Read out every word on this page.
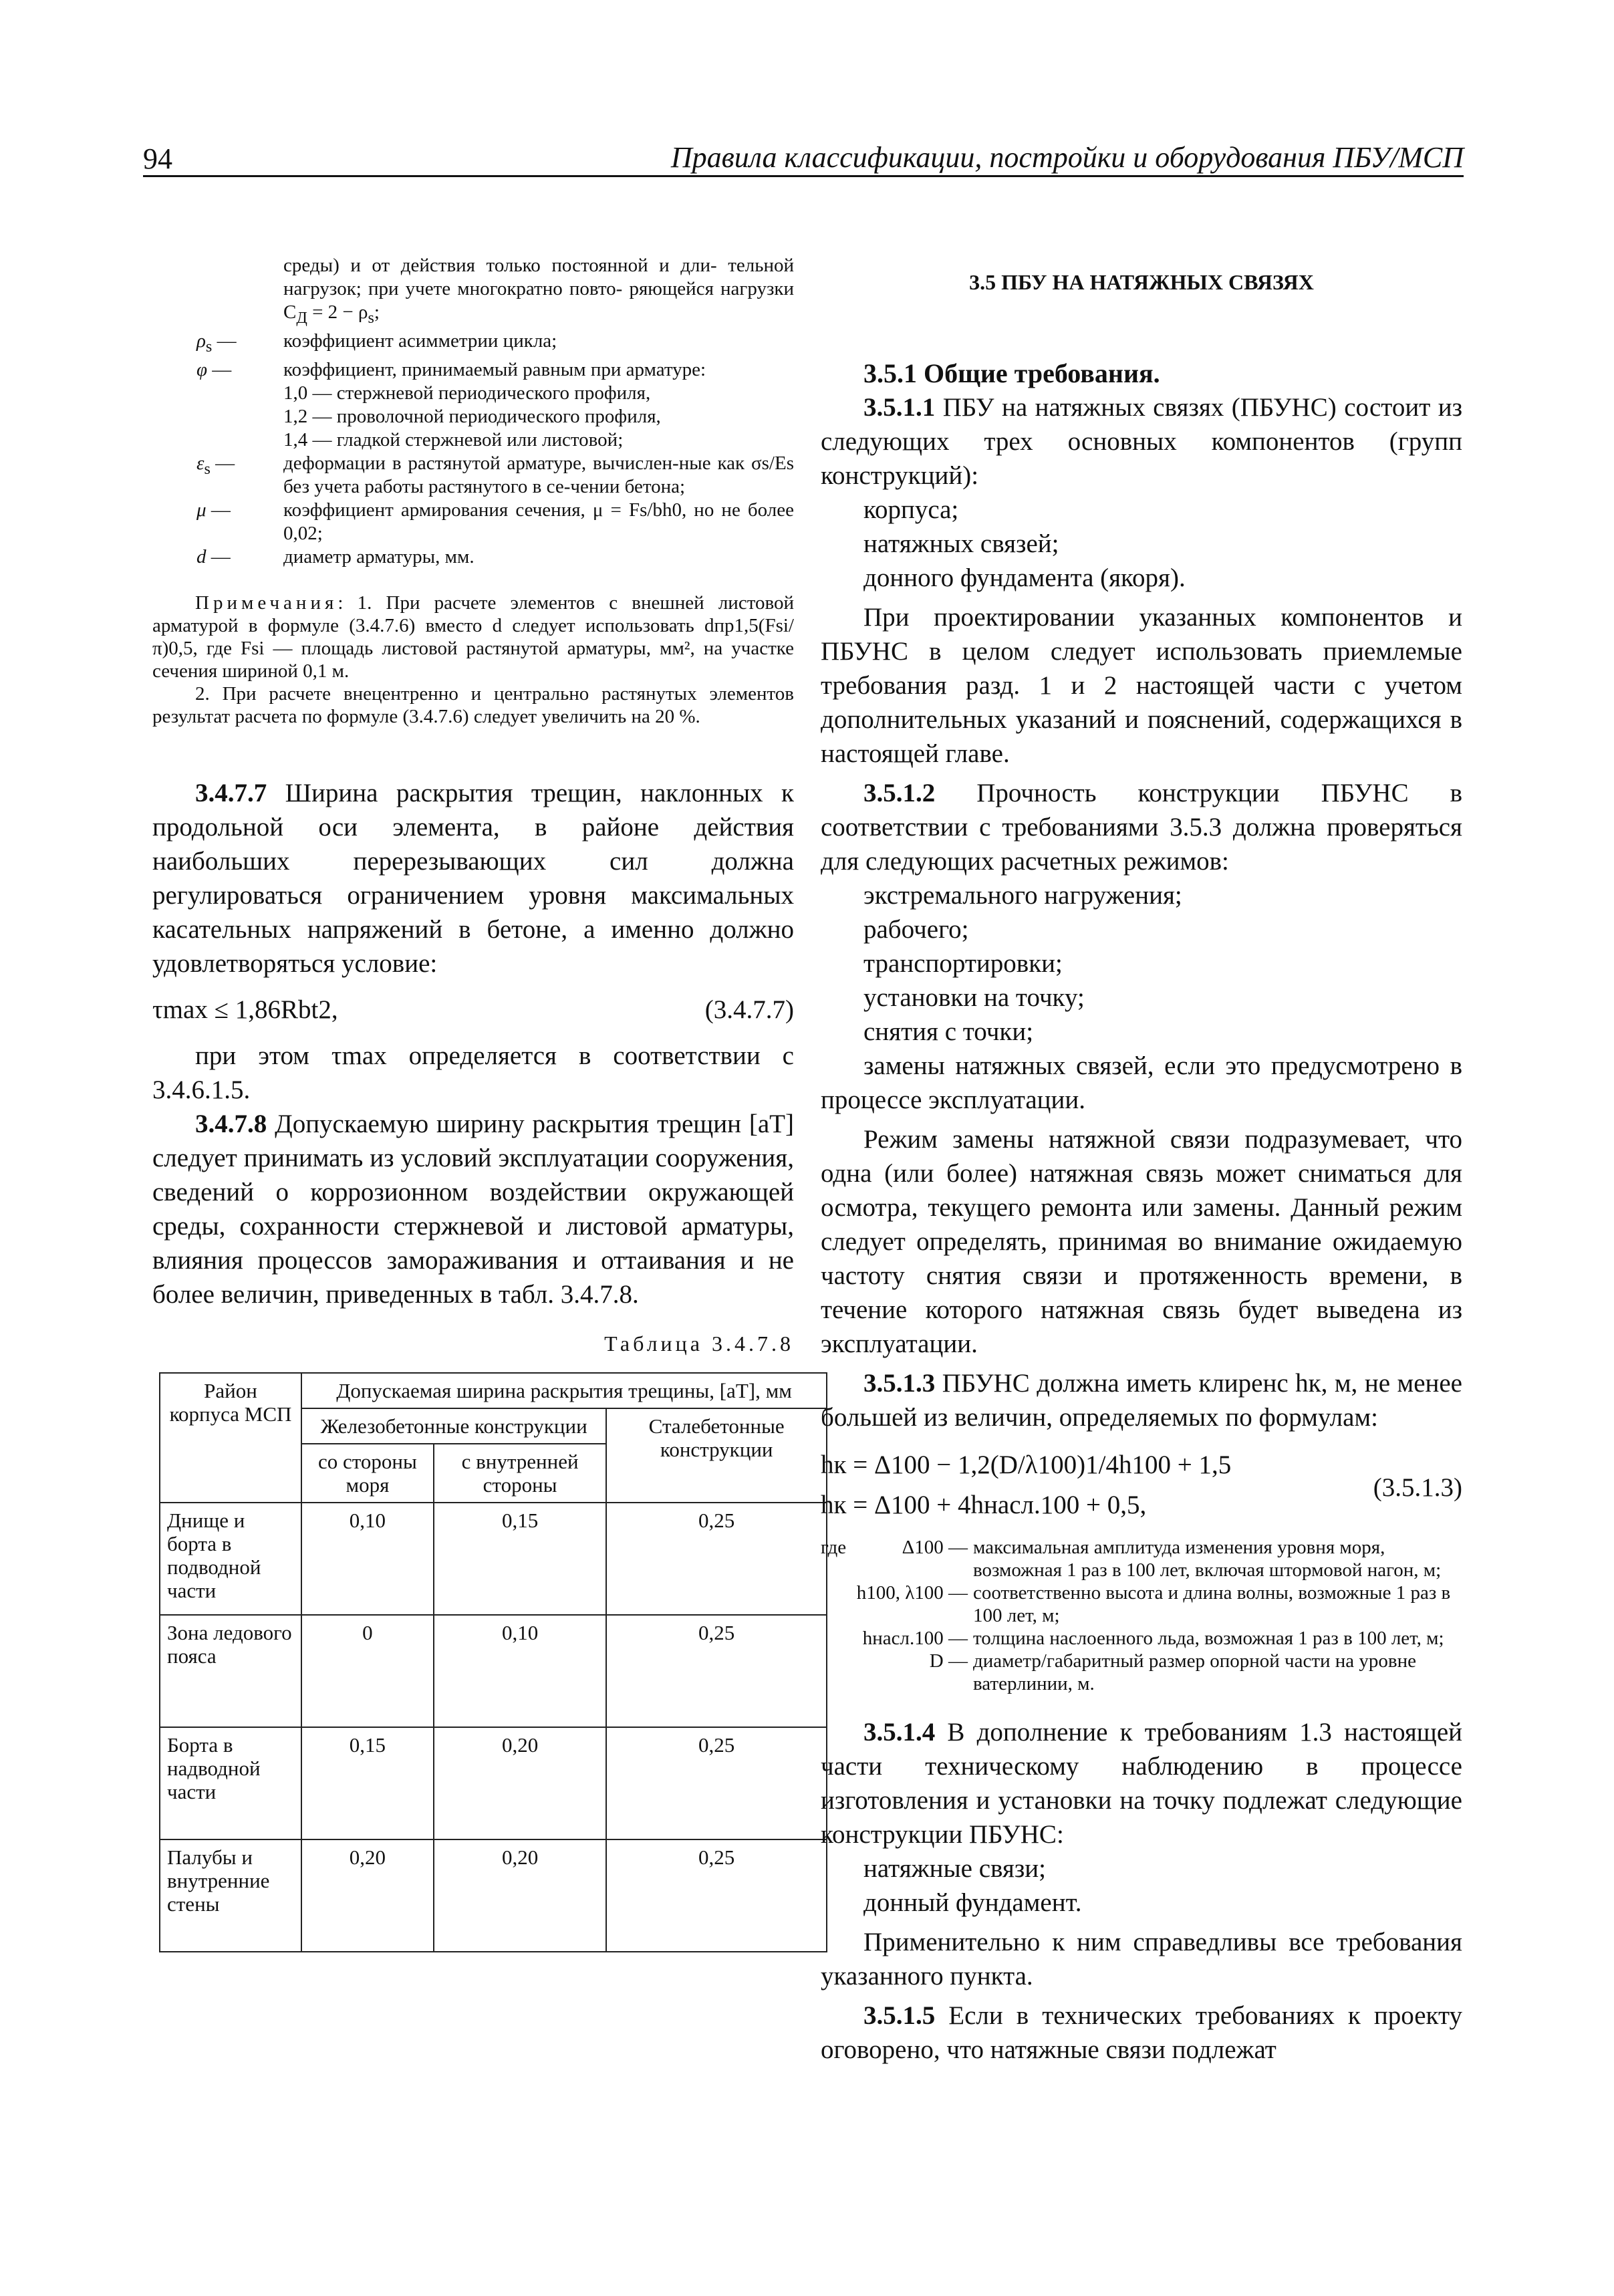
94	Правила классификации, постройки и оборудования ПБУ/МСП
среды) и от действия только постоянной и дли- тельной нагрузок; при учете многократно повто- ряющейся нагрузки $C_Д = 2 - \rho_s$;
$\rho_s$ —	коэффициент асимметрии цикла;
φ —	коэффициент, принимаемый равным при арматуре:
1,0 — стержневой периодического профиля,
1,2 — проволочной периодического профиля,
1,4 — гладкой стержневой или листовой;
$\varepsilon_s$ —	деформации в растянутой арматуре, вычислен-ные как σs/Es без учета работы растянутого в се-чении бетона;
μ —	коэффициент армирования сечения, μ = Fs/bh0, но не более 0,02;
d —	диаметр арматуры, мм.

Примечания: 1. При расчете элементов с внешней листовой арматурой в формуле (3.4.7.6) вместо d следует использовать dпр1,5(Fsi/π)0,5, где Fsi — площадь листовой растянутой арматуры, мм², на участке сечения шириной 0,1 м.

2. При расчете внецентренно и центрально растянутых элементов результат расчета по формуле (3.4.7.6) следует увеличить на 20 %.

3.4.7.7 Ширина раскрытия трещин, наклонных к продольной оси элемента, в районе действия наибольших перерезывающих сил должна регулироваться ограничением уровня максимальных касательных напряжений в бетоне, а именно должно удовлетворяться условие:

τmax ≤ 1,86Rbt2,	(3.4.7.7)

при этом τmax определяется в соответствии с 3.4.6.1.5.

3.4.7.8 Допускаемую ширину раскрытия трещин [aT] следует принимать из условий эксплуатации сооружения, сведений о коррозионном воздействии окружающей среды, сохранности стержневой и листовой арматуры, влияния процессов замораживания и оттаивания и не более величин, приведенных в табл. 3.4.7.8.

Таблица 3.4.7.8
Район корпуса МСП	Допускаемая ширина раскрытия трещины, [aT], мм		
	Железобетонные конструкции		Сталебетонные конструкции
	со стороны моря	с внутренней стороны	
Днище и борта в подводной части	0,10	0,15	0,25
Зона ледового пояса	0	0,10	0,25
Борта в надводной части	0,15	0,20	0,25
Палубы и внутренние стены	0,20	0,20	0,25
3.5 ПБУ НА НАТЯЖНЫХ СВЯЗЯХ

3.5.1 Общие требования.

3.5.1.1 ПБУ на натяжных связях (ПБУНС) состоит из следующих трех основных компонентов (групп конструкций):

корпуса;

натяжных связей;

донного фундамента (якоря).

При проектировании указанных компонентов и ПБУНС в целом следует использовать приемлемые требования разд. 1 и 2 настоящей части с учетом дополнительных указаний и пояснений, содержащихся в настоящей главе.

3.5.1.2 Прочность конструкции ПБУНС в соответствии с требованиями 3.5.3 должна проверяться для следующих расчетных режимов:

экстремального нагружения;

рабочего;

транспортировки;

установки на точку;

снятия с точки;

замены натяжных связей, если это предусмотрено в процессе эксплуатации.

Режим замены натяжной связи подразумевает, что одна (или более) натяжная связь может сниматься для осмотра, текущего ремонта или замены. Данный режим следует определять, принимая во внимание ожидаемую частоту снятия связи и протяженность времени, в течение которого натяжная связь будет выведена из эксплуатации.

3.5.1.3 ПБУНС должна иметь клиренс hк, м, не менее большей из величин, определяемых по формулам:

hк = Δ100 − 1,2(D/λ100)1/4h100 + 1,5
hк = Δ100 + 4hнасл.100 + 0,5,
(3.5.1.3)
где	Δ100 — максимальная амплитуда изменения уровня моря, возможная 1 раз в 100 лет, включая штормовой нагон, м;
h100, λ100 — соответственно высота и длина волны, возможные 1 раз в 100 лет, м;
hнасл.100 — толщина наслоенного льда, возможная 1 раз в 100 лет, м;
D — диаметр/габаритный размер опорной части на уровне ватерлинии, м.

3.5.1.4 В дополнение к требованиям 1.3 настоящей части техническому наблюдению в процессе изготовления и установки на точку подлежат следующие конструкции ПБУНС:

натяжные связи;

донный фундамент.

Применительно к ним справедливы все требования указанного пункта.

3.5.1.5 Если в технических требованиях к проекту оговорено, что натяжные связи подлежат
